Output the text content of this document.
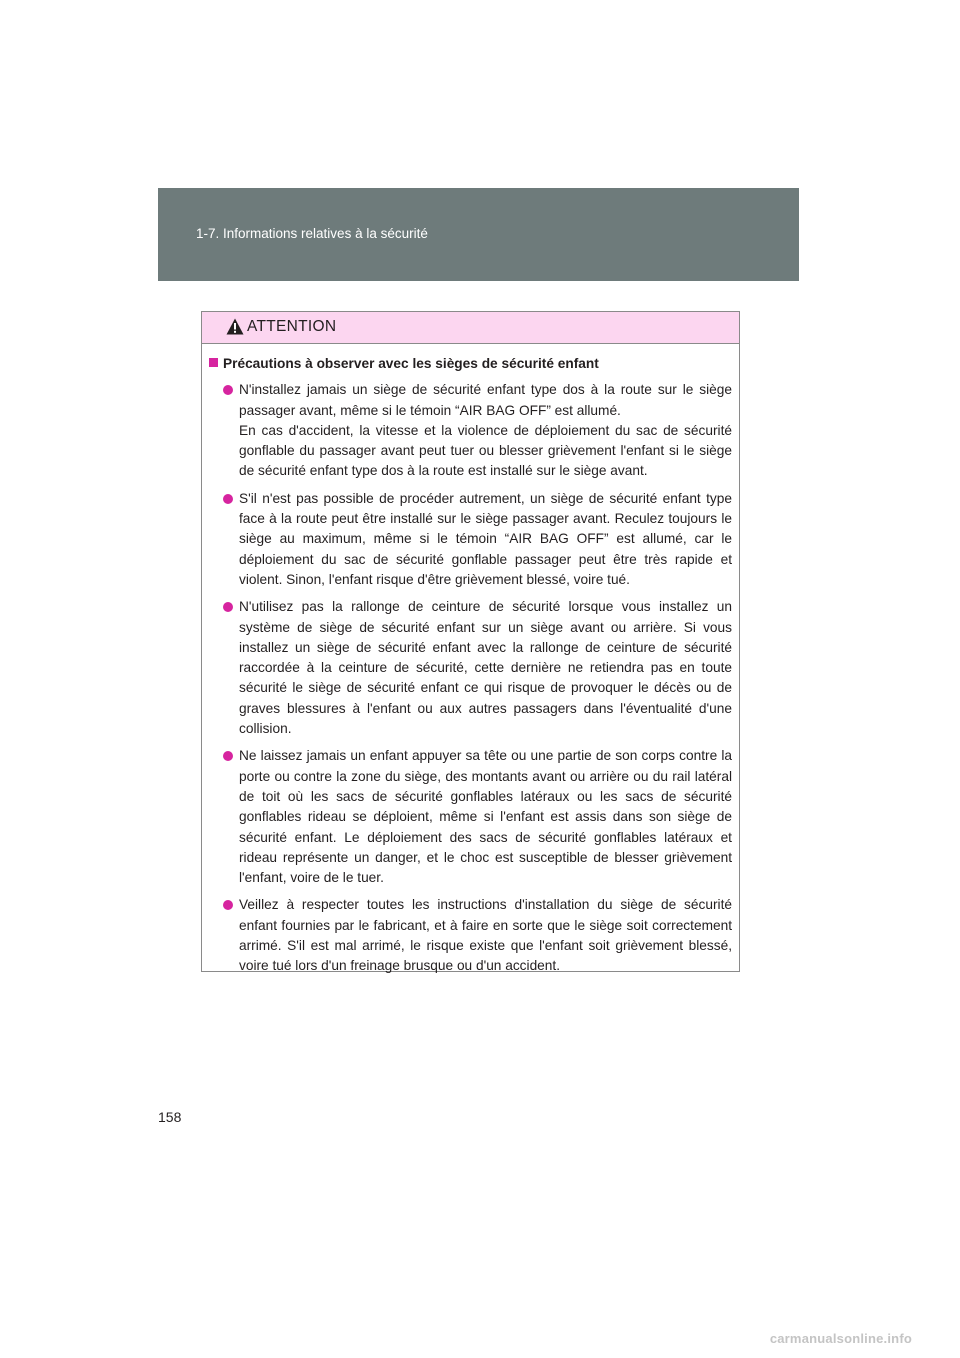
1-7. Informations relatives à la sécurité
ATTENTION
Précautions à observer avec les sièges de sécurité enfant

N'installez jamais un siège de sécurité enfant type dos à la route sur le siège passager avant, même si le témoin “AIR BAG OFF” est allumé.

En cas d'accident, la vitesse et la violence de déploiement du sac de sécurité gonflable du passager avant peut tuer ou blesser grièvement l'enfant si le siège de sécurité enfant type dos à la route est installé sur le siège avant.

S'il n'est pas possible de procéder autrement, un siège de sécurité enfant type face à la route peut être installé sur le siège passager avant. Reculez toujours le siège au maximum, même si le témoin “AIR BAG OFF” est allumé, car le déploiement du sac de sécurité gonflable passager peut être très rapide et violent. Sinon, l'enfant risque d'être grièvement blessé, voire tué.

N'utilisez pas la rallonge de ceinture de sécurité lorsque vous installez un système de siège de sécurité enfant sur un siège avant ou arrière. Si vous installez un siège de sécurité enfant avec la rallonge de ceinture de sécurité raccordée à la ceinture de sécurité, cette dernière ne retiendra pas en toute sécurité le siège de sécurité enfant ce qui risque de provoquer le décès ou de graves blessures à l'enfant ou aux autres passagers dans l'éventualité d'une collision.

Ne laissez jamais un enfant appuyer sa tête ou une partie de son corps contre la porte ou contre la zone du siège, des montants avant ou arrière ou du rail latéral de toit où les sacs de sécurité gonflables latéraux ou les sacs de sécurité gonflables rideau se déploient, même si l'enfant est assis dans son siège de sécurité enfant. Le déploiement des sacs de sécurité gonflables latéraux et rideau représente un danger, et le choc est susceptible de blesser grièvement l'enfant, voire de le tuer.

Veillez à respecter toutes les instructions d'installation du siège de sécurité enfant fournies par le fabricant, et à faire en sorte que le siège soit correctement arrimé. S'il est mal arrimé, le risque existe que l'enfant soit grièvement blessé, voire tué lors d'un freinage brusque ou d'un accident.

158
carmanualsonline.info
